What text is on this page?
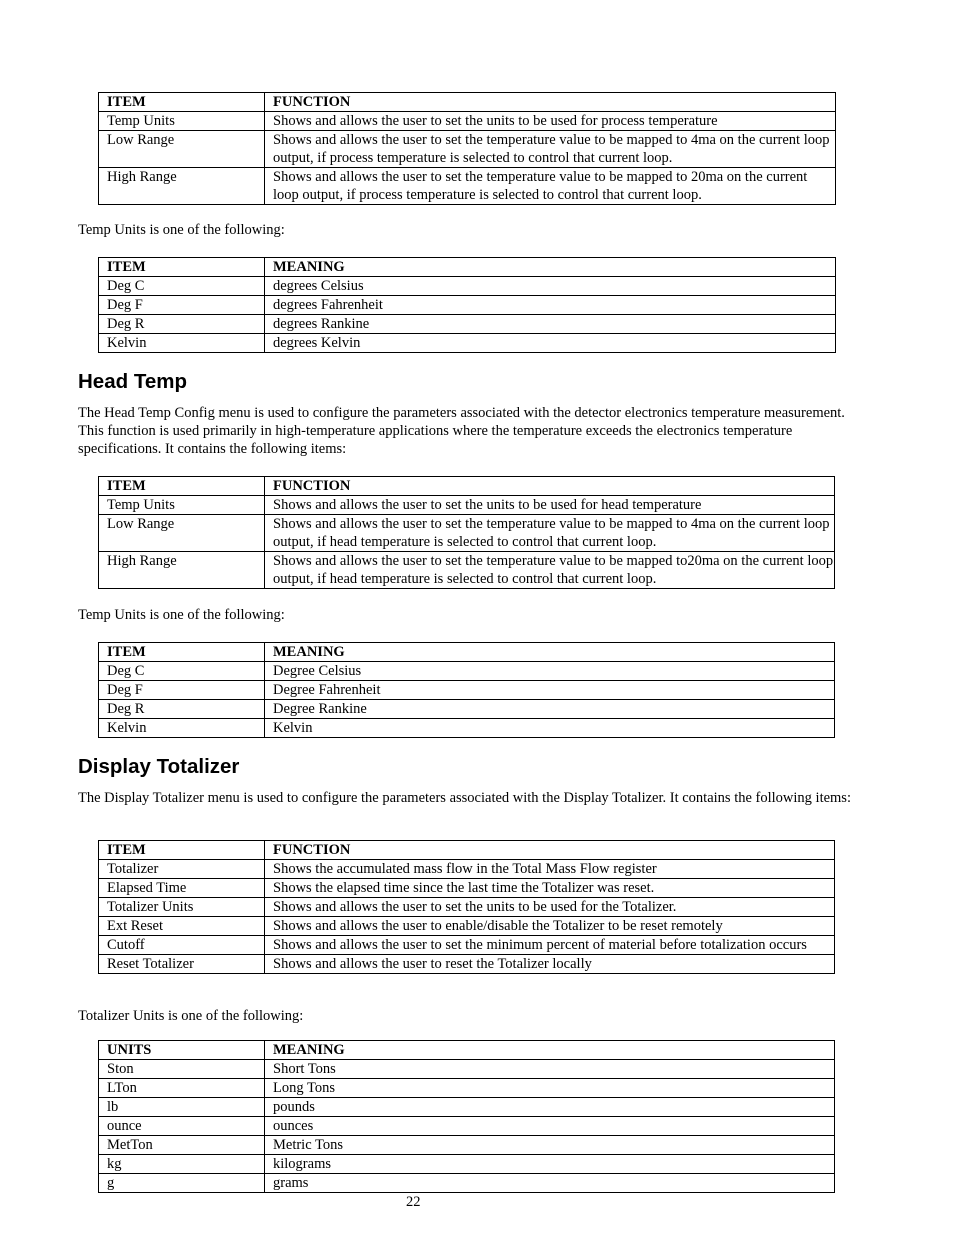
ITEM	FUNCTION
Temp Units	Shows and allows the user to set the units to be used for process temperature
Low Range	Shows and allows the user to set the temperature value to be mapped to 4ma on the current loop output, if process temperature is selected to control that current loop.
High Range	Shows and allows the user to set the temperature value to be mapped to 20ma on the current loop output, if process temperature is selected to control that current loop.
Temp Units is one of the following:
ITEM	MEANING
Deg C	degrees Celsius
Deg F	degrees Fahrenheit
Deg R	degrees Rankine
Kelvin	degrees Kelvin
Head Temp
The Head Temp Config menu is used to configure the parameters associated with the detector electronics temperature measurement. This function is used primarily in high-temperature applications where the temperature exceeds the electronics temperature specifications. It contains the following items:
ITEM	FUNCTION
Temp Units	Shows and allows the user to set the units to be used for head temperature
Low Range	Shows and allows the user to set the temperature value to be mapped to 4ma on the current loop output, if head temperature is selected to control that current loop.
High Range	Shows and allows the user to set the temperature value to be mapped to20ma on the current loop output, if head temperature is selected to control that current loop.
Temp Units is one of the following:
ITEM	MEANING
Deg C	Degree Celsius
Deg F	Degree Fahrenheit
Deg R	Degree Rankine
Kelvin	Kelvin
Display Totalizer
The Display Totalizer menu is used to configure the parameters associated with the Display Totalizer. It contains the following items:
ITEM	FUNCTION
Totalizer	Shows the accumulated mass flow in the Total Mass Flow register
Elapsed Time	Shows the elapsed time since the last time the Totalizer was reset.
Totalizer Units	Shows and allows the user to set the units to be used for the Totalizer.
Ext Reset	Shows and allows the user to enable/disable the Totalizer to be reset remotely
Cutoff	Shows and allows the user to set the minimum percent of material before totalization occurs
Reset Totalizer	Shows and allows the user to reset the Totalizer locally
Totalizer Units is one of the following:
UNITS	MEANING
Ston	Short Tons
LTon	Long Tons
lb	pounds
ounce	ounces
MetTon	Metric Tons
kg	kilograms
g	grams
22
